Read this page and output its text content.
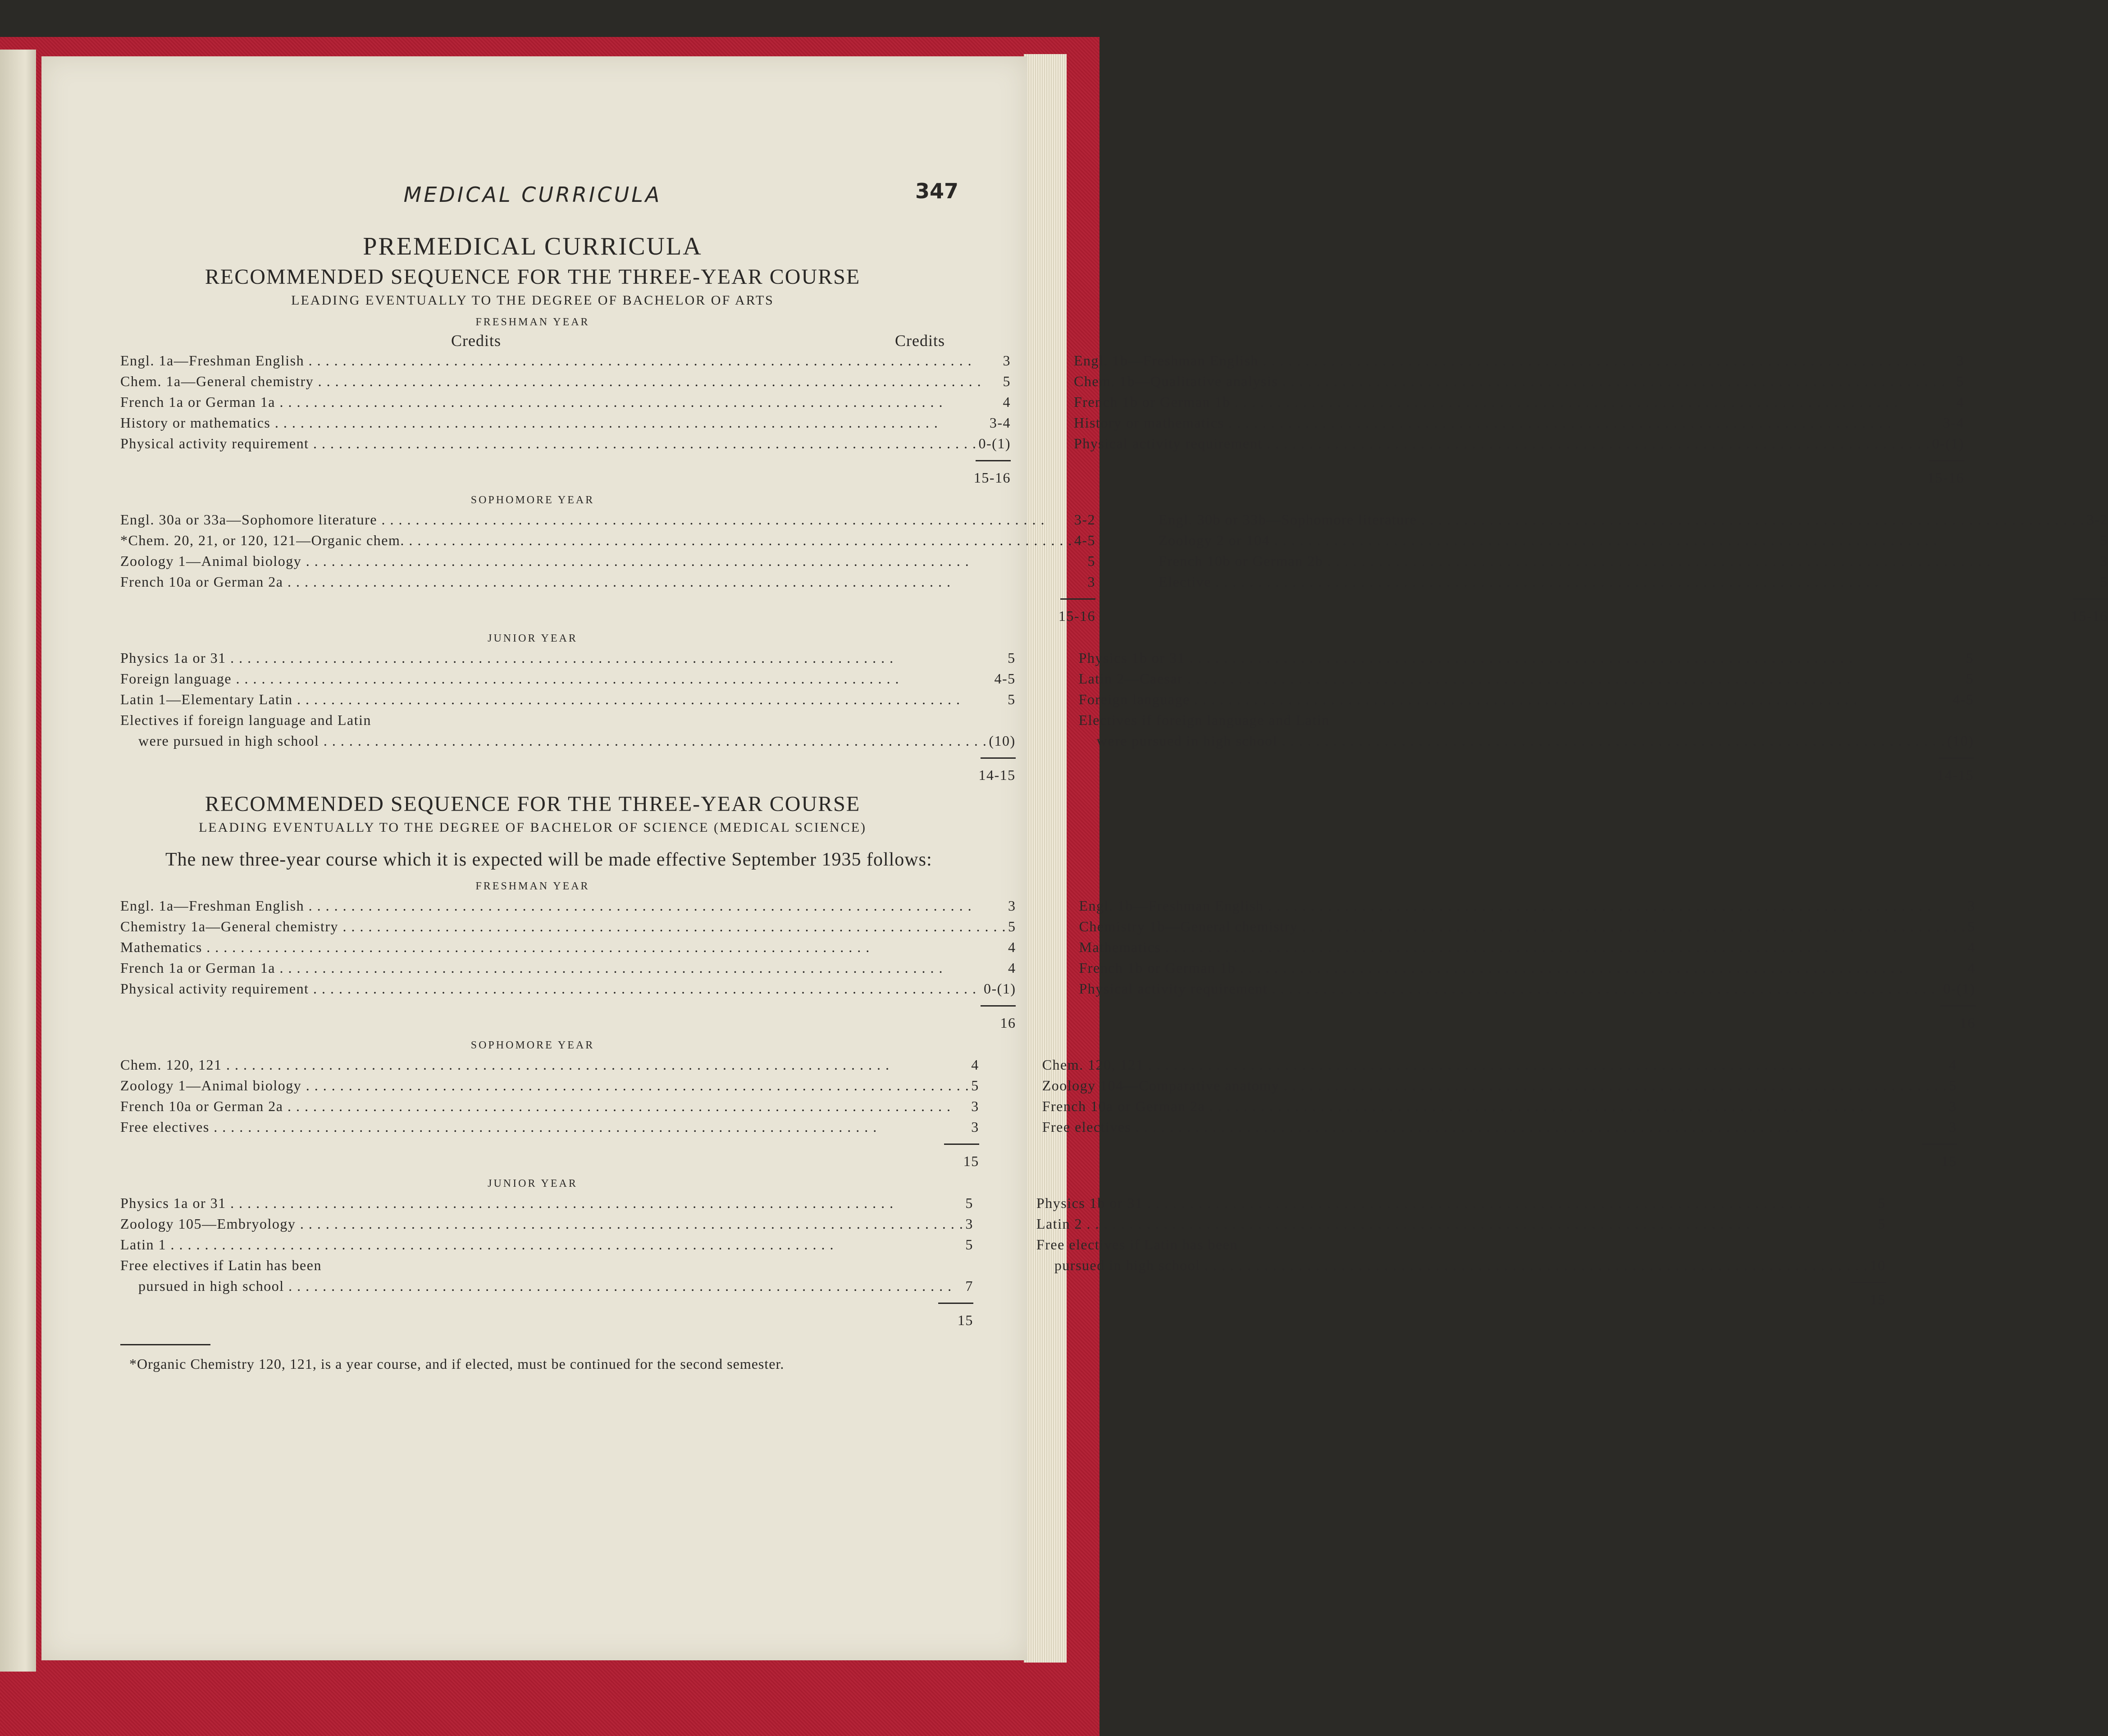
MEDICAL CURRICULA	347
PREMEDICAL CURRICULA
RECOMMENDED SEQUENCE FOR THE THREE-YEAR COURSE
LEADING EVENTUALLY TO THE DEGREE OF BACHELOR OF ARTS
FRESHMAN YEAR
Credits	Credits
Engl. 1a—Freshman English . . .	3
Chem. 1a—General chemistry . . .	5
French 1a or German 1a . . .	4
History or mathematics . . .	3-4
Physical activity requirement . . .	0-(1)
15-16
Engl. 1b—Freshman English . . .	3
Chem. 1b—Qualitative analysis . . .	5
French 1b or German 1b . . .	4
History or mathematics . . .	3-4
Physical activity requirement . . .	0-(1)
15-16
SOPHOMORE YEAR
Engl. 30a or 33a—Sophomore literature . . .	3-2
*Chem. 20, 21, or 120, 121—Organic chem. . . .	4-5
Zoology 1—Animal biology . . .	5
French 10a or German 2a . . .	3
15-16
Engl. 30b or 33b—Sophomore literature . . .	3-2
Zoology 2 or 104 . . .	5
French 10b or German 2b . . .	3
Elective . . .	5
15-16
JUNIOR YEAR
Physics 1a or 31 . . .	5
Foreign language . . .	4-5
Latin 1—Elementary Latin . . .	5
Electives if foreign language and Latin
were pursued in high school . . .	(10)
14-15
Physics 1b or 31 . . .	5
Latin 2—Caesar . . .	5
Foreign language . . .	4-5
Electives if foreign language and Latin
were pursued in high school . . .	(10)
14-15
RECOMMENDED SEQUENCE FOR THE THREE-YEAR COURSE
LEADING EVENTUALLY TO THE DEGREE OF BACHELOR OF SCIENCE (MEDICAL SCIENCE)
The new three-year course which it is expected will be made effective September 1935 follows:
FRESHMAN YEAR
Engl. 1a—Freshman English . . .	3
Chemistry 1a—General chemistry . . .	5
Mathematics . . .	4
French 1a or German 1a . . .	4
Physical activity requirement . . .	0-(1)
16
Engl. 1b—Freshman English . . .	3
Chemistry 1b—General chemistry . . .	5
Mathematics . . .	4
French 1b or German 1b . . .	4
Physical activity requirement . . .	0-(1)
16
SOPHOMORE YEAR
Chem. 120, 121 . . .	4
Zoology 1—Animal biology . . .	5
French 10a or German 2a . . .	3
Free electives . . .	3
15
Chem. 120, 121 . . .	4
Zoology 104—Comparative anatomy . . .	5
French 10a or German 2a . . .	3
Free electives . . .	3
15
JUNIOR YEAR
Physics 1a or 31 . . .	5
Zoology 105—Embryology . . .	3
Latin 1 . . .	5
Free electives if Latin has been
pursued in high school . . .	7
15
Physics 1b or 31 . . .	5
Latin 2 . . .	5
Free electives if Latin has been
pursued in high school . . .	10
15
*Organic Chemistry 120, 121, is a year course, and if elected, must be continued for the second semester.
